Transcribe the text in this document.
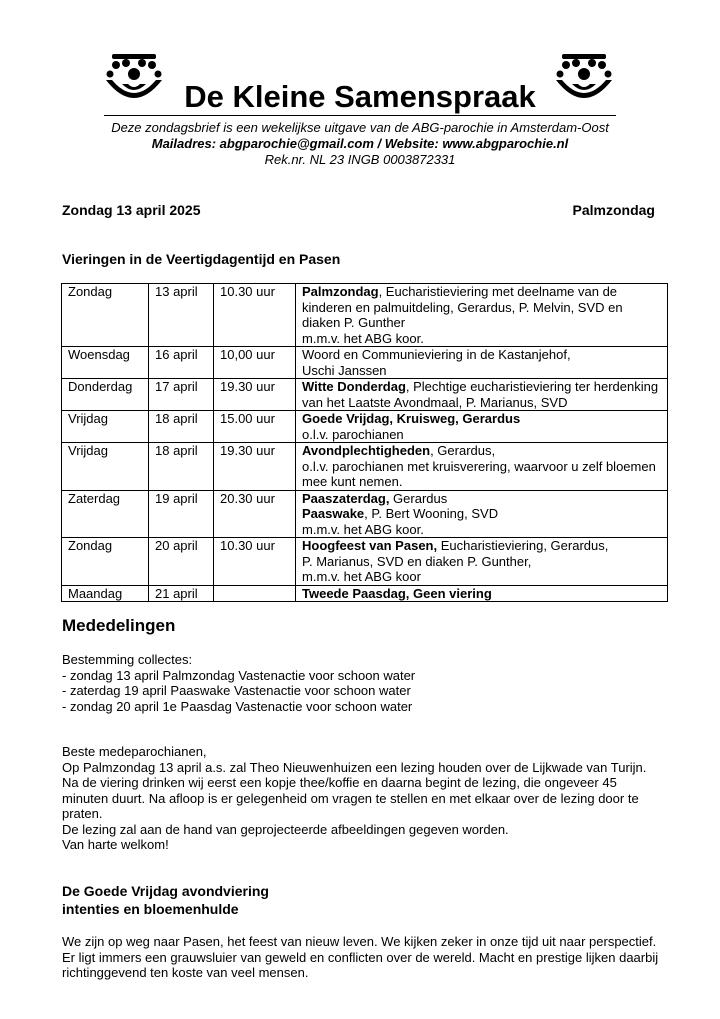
De Kleine Samenspraak
Deze zondagsbrief is een wekelijkse uitgave van de ABG-parochie in Amsterdam-Oost
Mailadres: abgparochie@gmail.com / Website: www.abgparochie.nl
Rek.nr. NL 23 INGB 0003872331
Zondag 13 april 2025	Palmzondag
Vieringen in de Veertigdagentijd en Pasen
Zondag	13 april	10.30 uur	Palmzondag, Eucharistieviering met deelname van de kinderen en palmuitdeling, Gerardus, P. Melvin, SVD en diaken P. Gunther
m.m.v. het ABG koor.
Woensdag	16 april	10,00 uur	Woord en Communieviering in de Kastanjehof,
Uschi Janssen
Donderdag	17 april	19.30 uur	Witte Donderdag, Plechtige eucharistieviering ter herdenking van het Laatste Avondmaal, P. Marianus, SVD
Vrijdag	18 april	15.00 uur	Goede Vrijdag, Kruisweg, Gerardus
o.l.v. parochianen
Vrijdag	18 april	19.30 uur	Avondplechtigheden, Gerardus,
o.l.v. parochianen met kruisverering, waarvoor u zelf bloemen mee kunt nemen.
Zaterdag	19 april	20.30 uur	Paaszaterdag, Gerardus
Paaswake, P. Bert Wooning, SVD
m.m.v. het ABG koor.
Zondag	20 april	10.30 uur	Hoogfeest van Pasen, Eucharistieviering, Gerardus,
P. Marianus, SVD en diaken P. Gunther,
m.m.v. het ABG koor
Maandag	21 april		Tweede Paasdag, Geen viering
Mededelingen
Bestemming collectes:
- zondag 13 april Palmzondag Vastenactie voor schoon water
- zaterdag 19 april Paaswake Vastenactie voor schoon water
- zondag 20 april 1e Paasdag Vastenactie voor schoon water
Beste medeparochianen,
Op Palmzondag 13 april a.s. zal Theo Nieuwenhuizen een lezing houden over de Lijkwade van Turijn. Na de viering drinken wij eerst een kopje thee/koffie en daarna begint de lezing, die ongeveer 45 minuten duurt. Na afloop is er gelegenheid om vragen te stellen en met elkaar over de lezing door te praten.
De lezing zal aan de hand van geprojecteerde afbeeldingen gegeven worden.
Van harte welkom!
De Goede Vrijdag avondviering
intenties en bloemenhulde
We zijn op weg naar Pasen, het feest van nieuw leven. We kijken zeker in onze tijd uit naar perspectief. Er ligt immers een grauwsluier van geweld en conflicten over de wereld. Macht en prestige lijken daarbij richtinggevend ten koste van veel mensen.
